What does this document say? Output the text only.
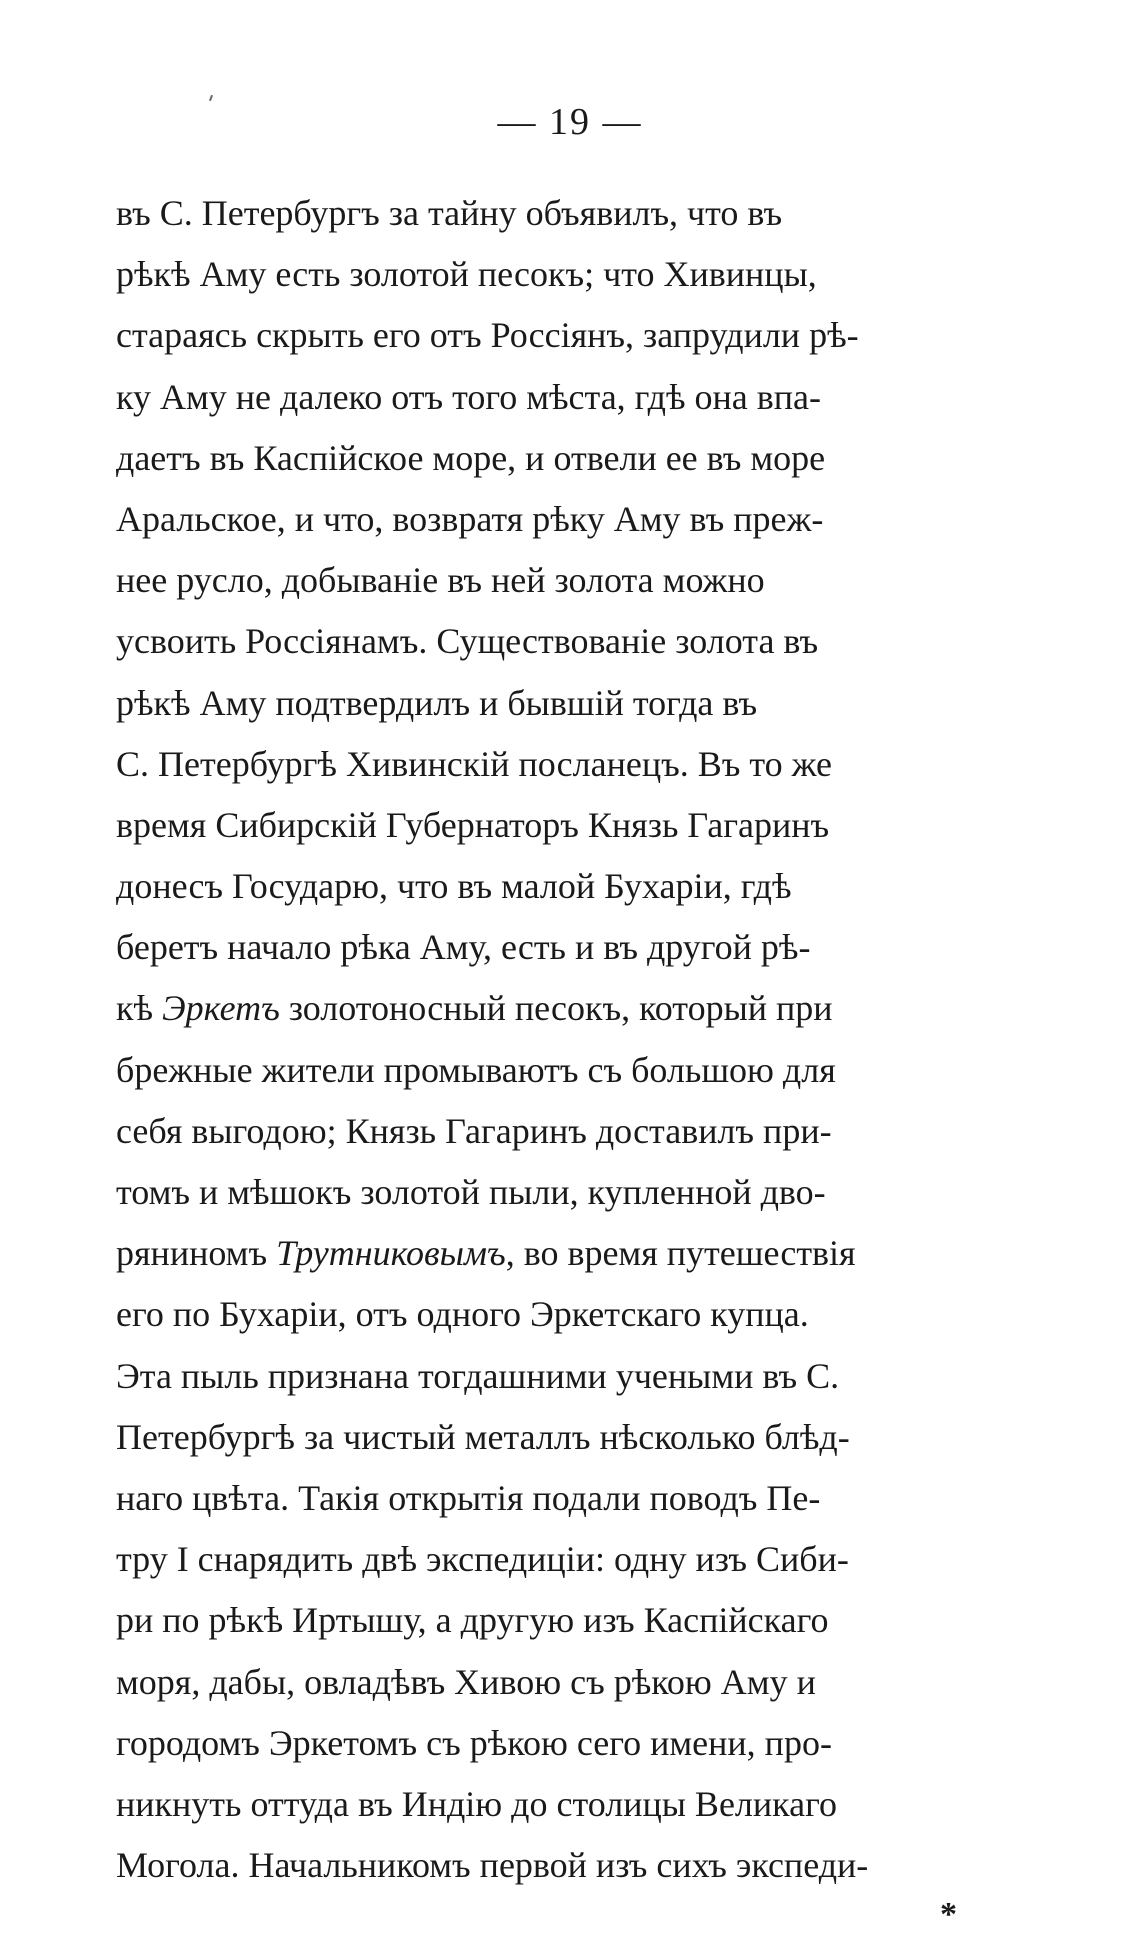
— 19 —
въ С. Петербургъ за тайну объявилъ, что въ
рѣкѣ Аму есть золотой песокъ; что Хивинцы,
стараясь скрыть его отъ Россіянъ, запрудили рѣ-
ку Аму не далеко отъ того мѣста, гдѣ она впа-
даетъ въ Каспійское море, и отвели ее въ море
Аральское, и что, возвратя рѣку Аму въ преж-
нее русло, добываніе въ ней золота можно
усвоить Россіянамъ. Существованіе золота въ
рѣкѣ Аму подтвердилъ и бывшій тогда въ
С. Петербургѣ Хивинскій посланецъ. Въ то же
время Сибирскій Губернаторъ Князь Гагаринъ
донесъ Государю, что въ малой Бухаріи, гдѣ
беретъ начало рѣка Аму, есть и въ другой рѣ-
кѣ Эркетъ золотоносный песокъ, который при
брежные жители промываютъ съ большою для
себя выгодою; Князь Гагаринъ доставилъ при-
томъ и мѣшокъ золотой пыли, купленной дво-
ряниномъ Трутниковымъ, во время путешествія
его по Бухаріи, отъ одного Эркетскаго купца.
Эта пыль признана тогдашними учеными въ С.
Петербургѣ за чистый металлъ нѣсколько блѣд-
наго цвѣта. Такія открытія подали поводъ Пе-
тру I снарядить двѣ экспедиціи: одну изъ Сиби-
ри по рѣкѣ Иртышу, а другую изъ Каспійскаго
моря, дабы, овладѣвъ Хивою съ рѣкою Аму и
городомъ Эркетомъ съ рѣкою сего имени, про-
никнуть оттуда въ Индію до столицы Великаго
Могола. Начальникомъ первой изъ сихъ экспеди-
*
